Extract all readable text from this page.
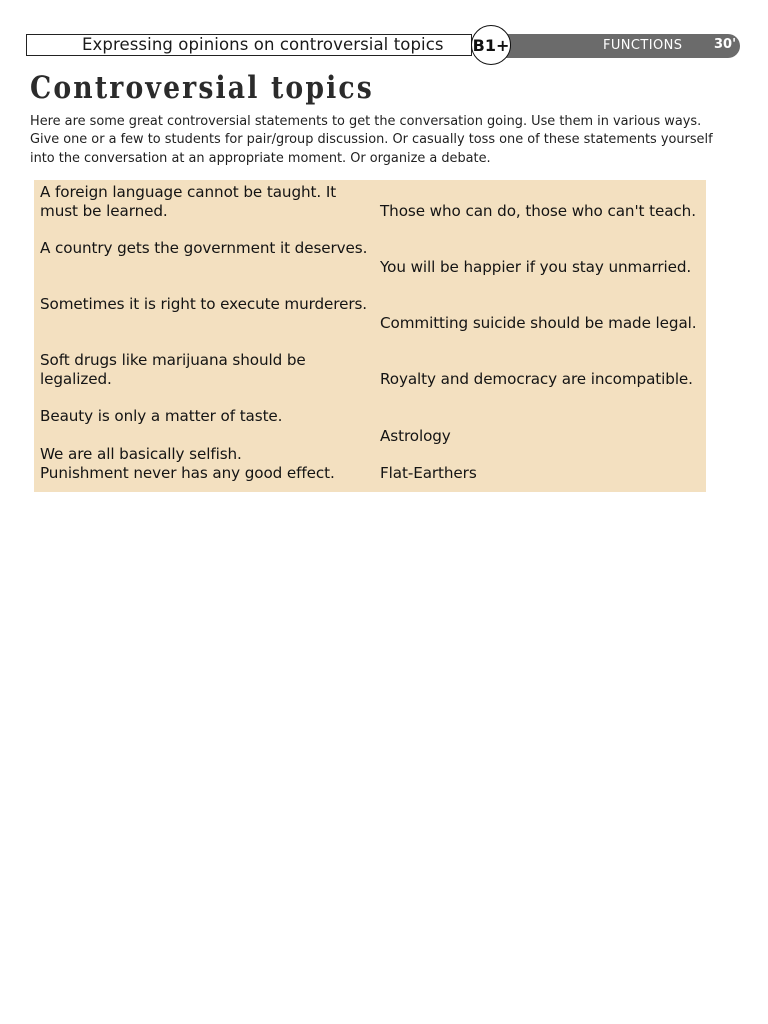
Expressing opinions on controversial topics	FUNCTIONS 30'
B1+
Controversial topics

Here are some great controversial statements to get the conversation going. Use them in various ways. Give one or a few to students for pair/group discussion. Or casually toss one of these statements yourself into the conversation at an appropriate moment. Or organize a debate.

A foreign language cannot be taught. It must be learned.

A country gets the government it deserves.

Sometimes it is right to execute murderers.

Soft drugs like marijuana should be legalized.

Beauty is only a matter of taste.

We are all basically selfish.

Punishment never has any good effect.

Those who can do, those who can't teach.

You will be happier if you stay unmarried.

Committing suicide should be made legal.

Royalty and democracy are incompatible.

Astrology

Flat-Earthers
